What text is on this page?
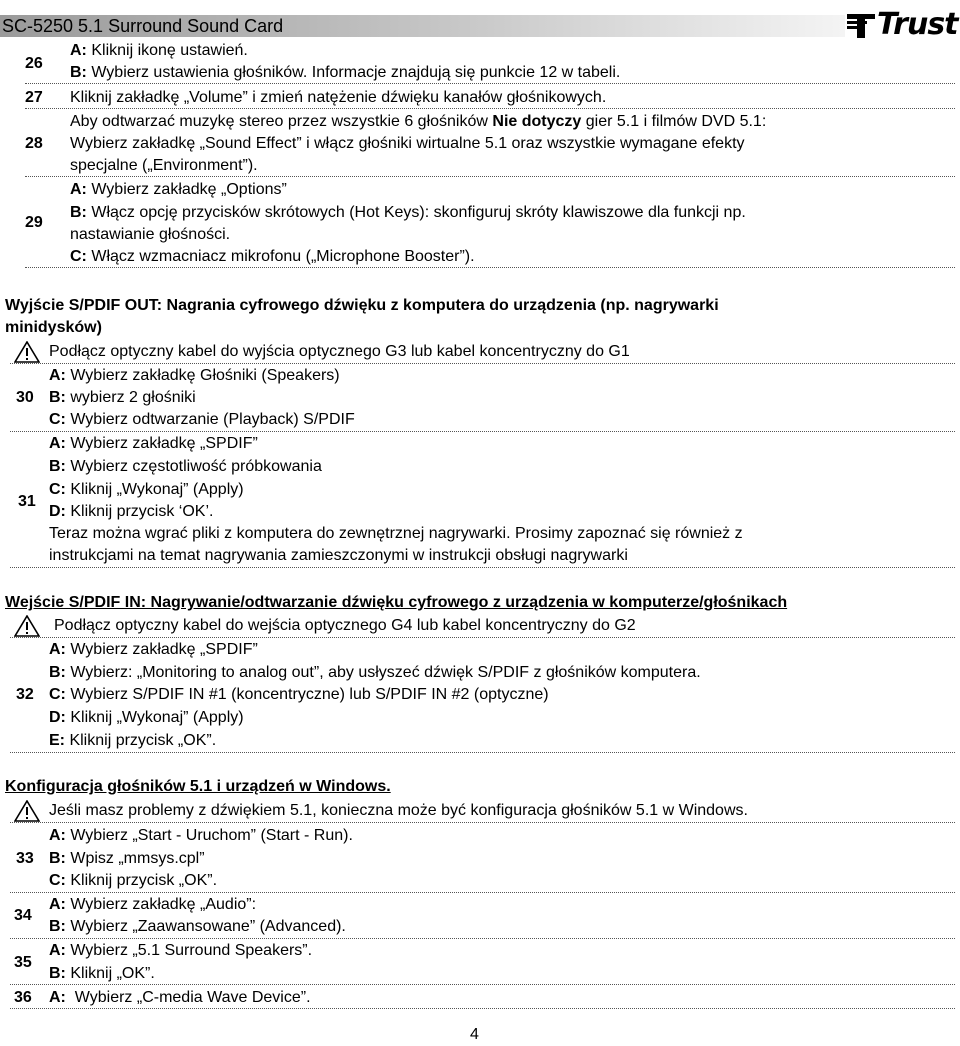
SC-5250 5.1 Surround Sound Card	Trust
26
A: Kliknij ikonę ustawień.
B: Wybierz ustawienia głośników. Informacje znajdują się punkcie 12 w tabeli.
27 Kliknij zakładkę „Volume” i zmień natężenie dźwięku kanałów głośnikowych.
28
Aby odtwarzać muzykę stereo przez wszystkie 6 głośników Nie dotyczy gier 5.1 i filmów DVD 5.1:
Wybierz zakładkę „Sound Effect” i włącz głośniki wirtualne 5.1 oraz wszystkie wymagane efekty
specjalne („Environment”).
29
A: Wybierz zakładkę „Options”
B: Włącz opcję przycisków skrótowych (Hot Keys): skonfiguruj skróty klawiszowe dla funkcji np.
nastawianie głośności.
C: Włącz wzmacniacz mikrofonu („Microphone Booster”).
Wyjście S/PDIF OUT: Nagrania cyfrowego dźwięku z komputera do urządzenia (np. nagrywarki
minidysków)
Podłącz optyczny kabel do wyjścia optycznego G3 lub kabel koncentryczny do G1
30
A: Wybierz zakładkę Głośniki (Speakers)
B: wybierz 2 głośniki
C: Wybierz odtwarzanie (Playback) S/PDIF
31
A: Wybierz zakładkę „SPDIF”
B: Wybierz częstotliwość próbkowania
C: Kliknij „Wykonaj” (Apply)
D: Kliknij przycisk ‘OK’.
Teraz można wgrać pliki z komputera do zewnętrznej nagrywarki. Prosimy zapoznać się również z
instrukcjami na temat nagrywania zamieszczonymi w instrukcji obsługi nagrywarki
Wejście S/PDIF IN: Nagrywanie/odtwarzanie dźwięku cyfrowego z urządzenia w komputerze/głośnikach
Podłącz optyczny kabel do wejścia optycznego G4 lub kabel koncentryczny do G2
32
A: Wybierz zakładkę „SPDIF”
B: Wybierz: „Monitoring to analog out”, aby usłyszeć dźwięk S/PDIF z głośników komputera.
C: Wybierz S/PDIF IN #1 (koncentryczne) lub S/PDIF IN #2 (optyczne)
D: Kliknij „Wykonaj” (Apply)
E: Kliknij przycisk „OK”.
Konfiguracja głośników 5.1 i urządzeń w Windows.
Jeśli masz problemy z dźwiękiem 5.1, konieczna może być konfiguracja głośników 5.1 w Windows.
33
A: Wybierz „Start - Uruchom” (Start - Run).
B: Wpisz „mmsys.cpl”
C: Kliknij przycisk „OK”.
34
A: Wybierz zakładkę „Audio”:
B: Wybierz „Zaawansowane” (Advanced).
35
A: Wybierz „5.1 Surround Speakers”.
B: Kliknij „OK”.
36 A: Wybierz „C-media Wave Device”.
4
